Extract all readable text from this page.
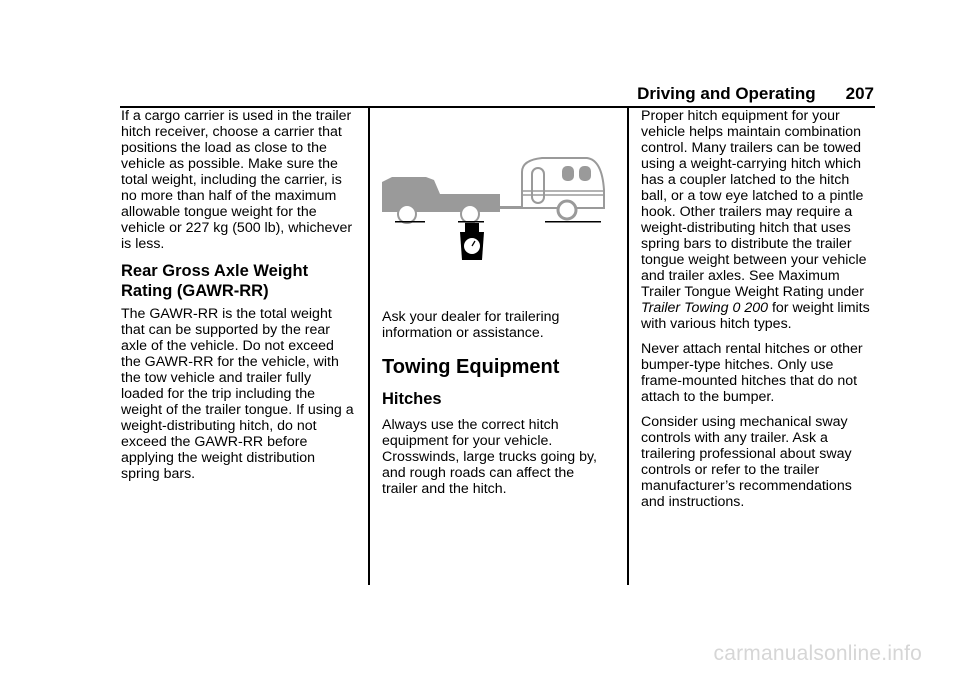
Driving and Operating 207

If a cargo carrier is used in the trailer hitch receiver, choose a carrier that positions the load as close to the vehicle as possible. Make sure the total weight, including the carrier, is no more than half of the maximum allowable tongue weight for the vehicle or 227 kg (500 lb), whichever is less.

Rear Gross Axle Weight Rating (GAWR-RR)

The GAWR-RR is the total weight that can be supported by the rear axle of the vehicle. Do not exceed the GAWR-RR for the vehicle, with the tow vehicle and trailer fully loaded for the trip including the weight of the trailer tongue. If using a weight-distributing hitch, do not exceed the GAWR-RR before applying the weight distribution spring bars.

Ask your dealer for trailering information or assistance.

Towing Equipment
Hitches

Always use the correct hitch equipment for your vehicle. Crosswinds, large trucks going by, and rough roads can affect the trailer and the hitch.

Proper hitch equipment for your vehicle helps maintain combination control. Many trailers can be towed using a weight-carrying hitch which has a coupler latched to the hitch ball, or a tow eye latched to a pintle hook. Other trailers may require a weight-distributing hitch that uses spring bars to distribute the trailer tongue weight between your vehicle and trailer axles. See Maximum Trailer Tongue Weight Rating under Trailer Towing 0 200 for weight limits with various hitch types.

Never attach rental hitches or other bumper-type hitches. Only use frame-mounted hitches that do not attach to the bumper.

Consider using mechanical sway controls with any trailer. Ask a trailering professional about sway controls or refer to the trailer manufacturer’s recommendations and instructions.

carmanualsonline.info
